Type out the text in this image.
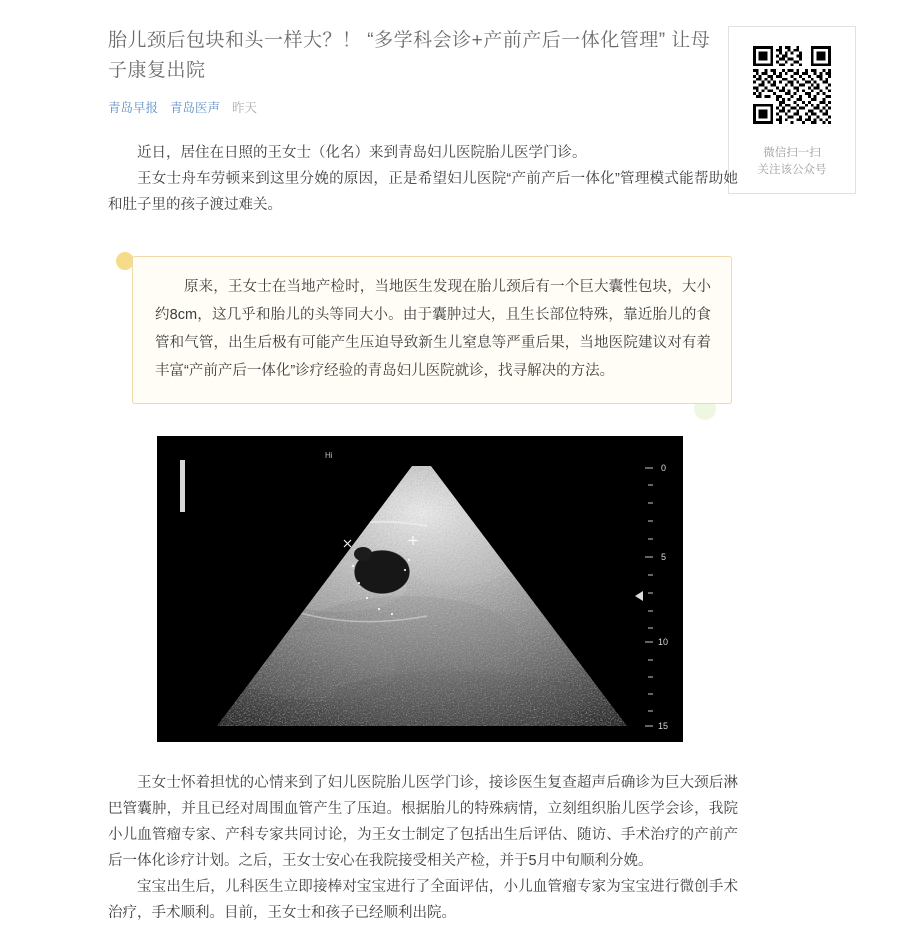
胎儿颈后包块和头一样大？！ “多学科会诊+产前产后一体化管理” 让母子康复出院
青岛早报 青岛医声 昨天
微信扫一扫
关注该公众号

近日，居住在日照的王女士（化名）来到青岛妇儿医院胎儿医学门诊。

王女士舟车劳顿来到这里分娩的原因，正是希望妇儿医院“产前产后一体化”管理模式能帮助她和肚子里的孩子渡过难关。

原来，王女士在当地产检时，当地医生发现在胎儿颈后有一个巨大囊性包块，大小约8cm，这几乎和胎儿的头等同大小。由于囊肿过大，且生长部位特殊，靠近胎儿的食管和气管，出生后极有可能产生压迫导致新生儿窒息等严重后果，当地医院建议对有着丰富“产前产后一体化”诊疗经验的青岛妇儿医院就诊，找寻解决的方法。

Hi
0
5
10
15

王女士怀着担忧的心情来到了妇儿医院胎儿医学门诊，接诊医生复查超声后确诊为巨大颈后淋巴管囊肿，并且已经对周围血管产生了压迫。根据胎儿的特殊病情，立刻组织胎儿医学会诊，我院小儿血管瘤专家、产科专家共同讨论，为王女士制定了包括出生后评估、随访、手术治疗的产前产后一体化诊疗计划。之后，王女士安心在我院接受相关产检，并于5月中旬顺利分娩。

宝宝出生后，儿科医生立即接棒对宝宝进行了全面评估，小儿血管瘤专家为宝宝进行微创手术治疗，手术顺利。目前，王女士和孩子已经顺利出院。
